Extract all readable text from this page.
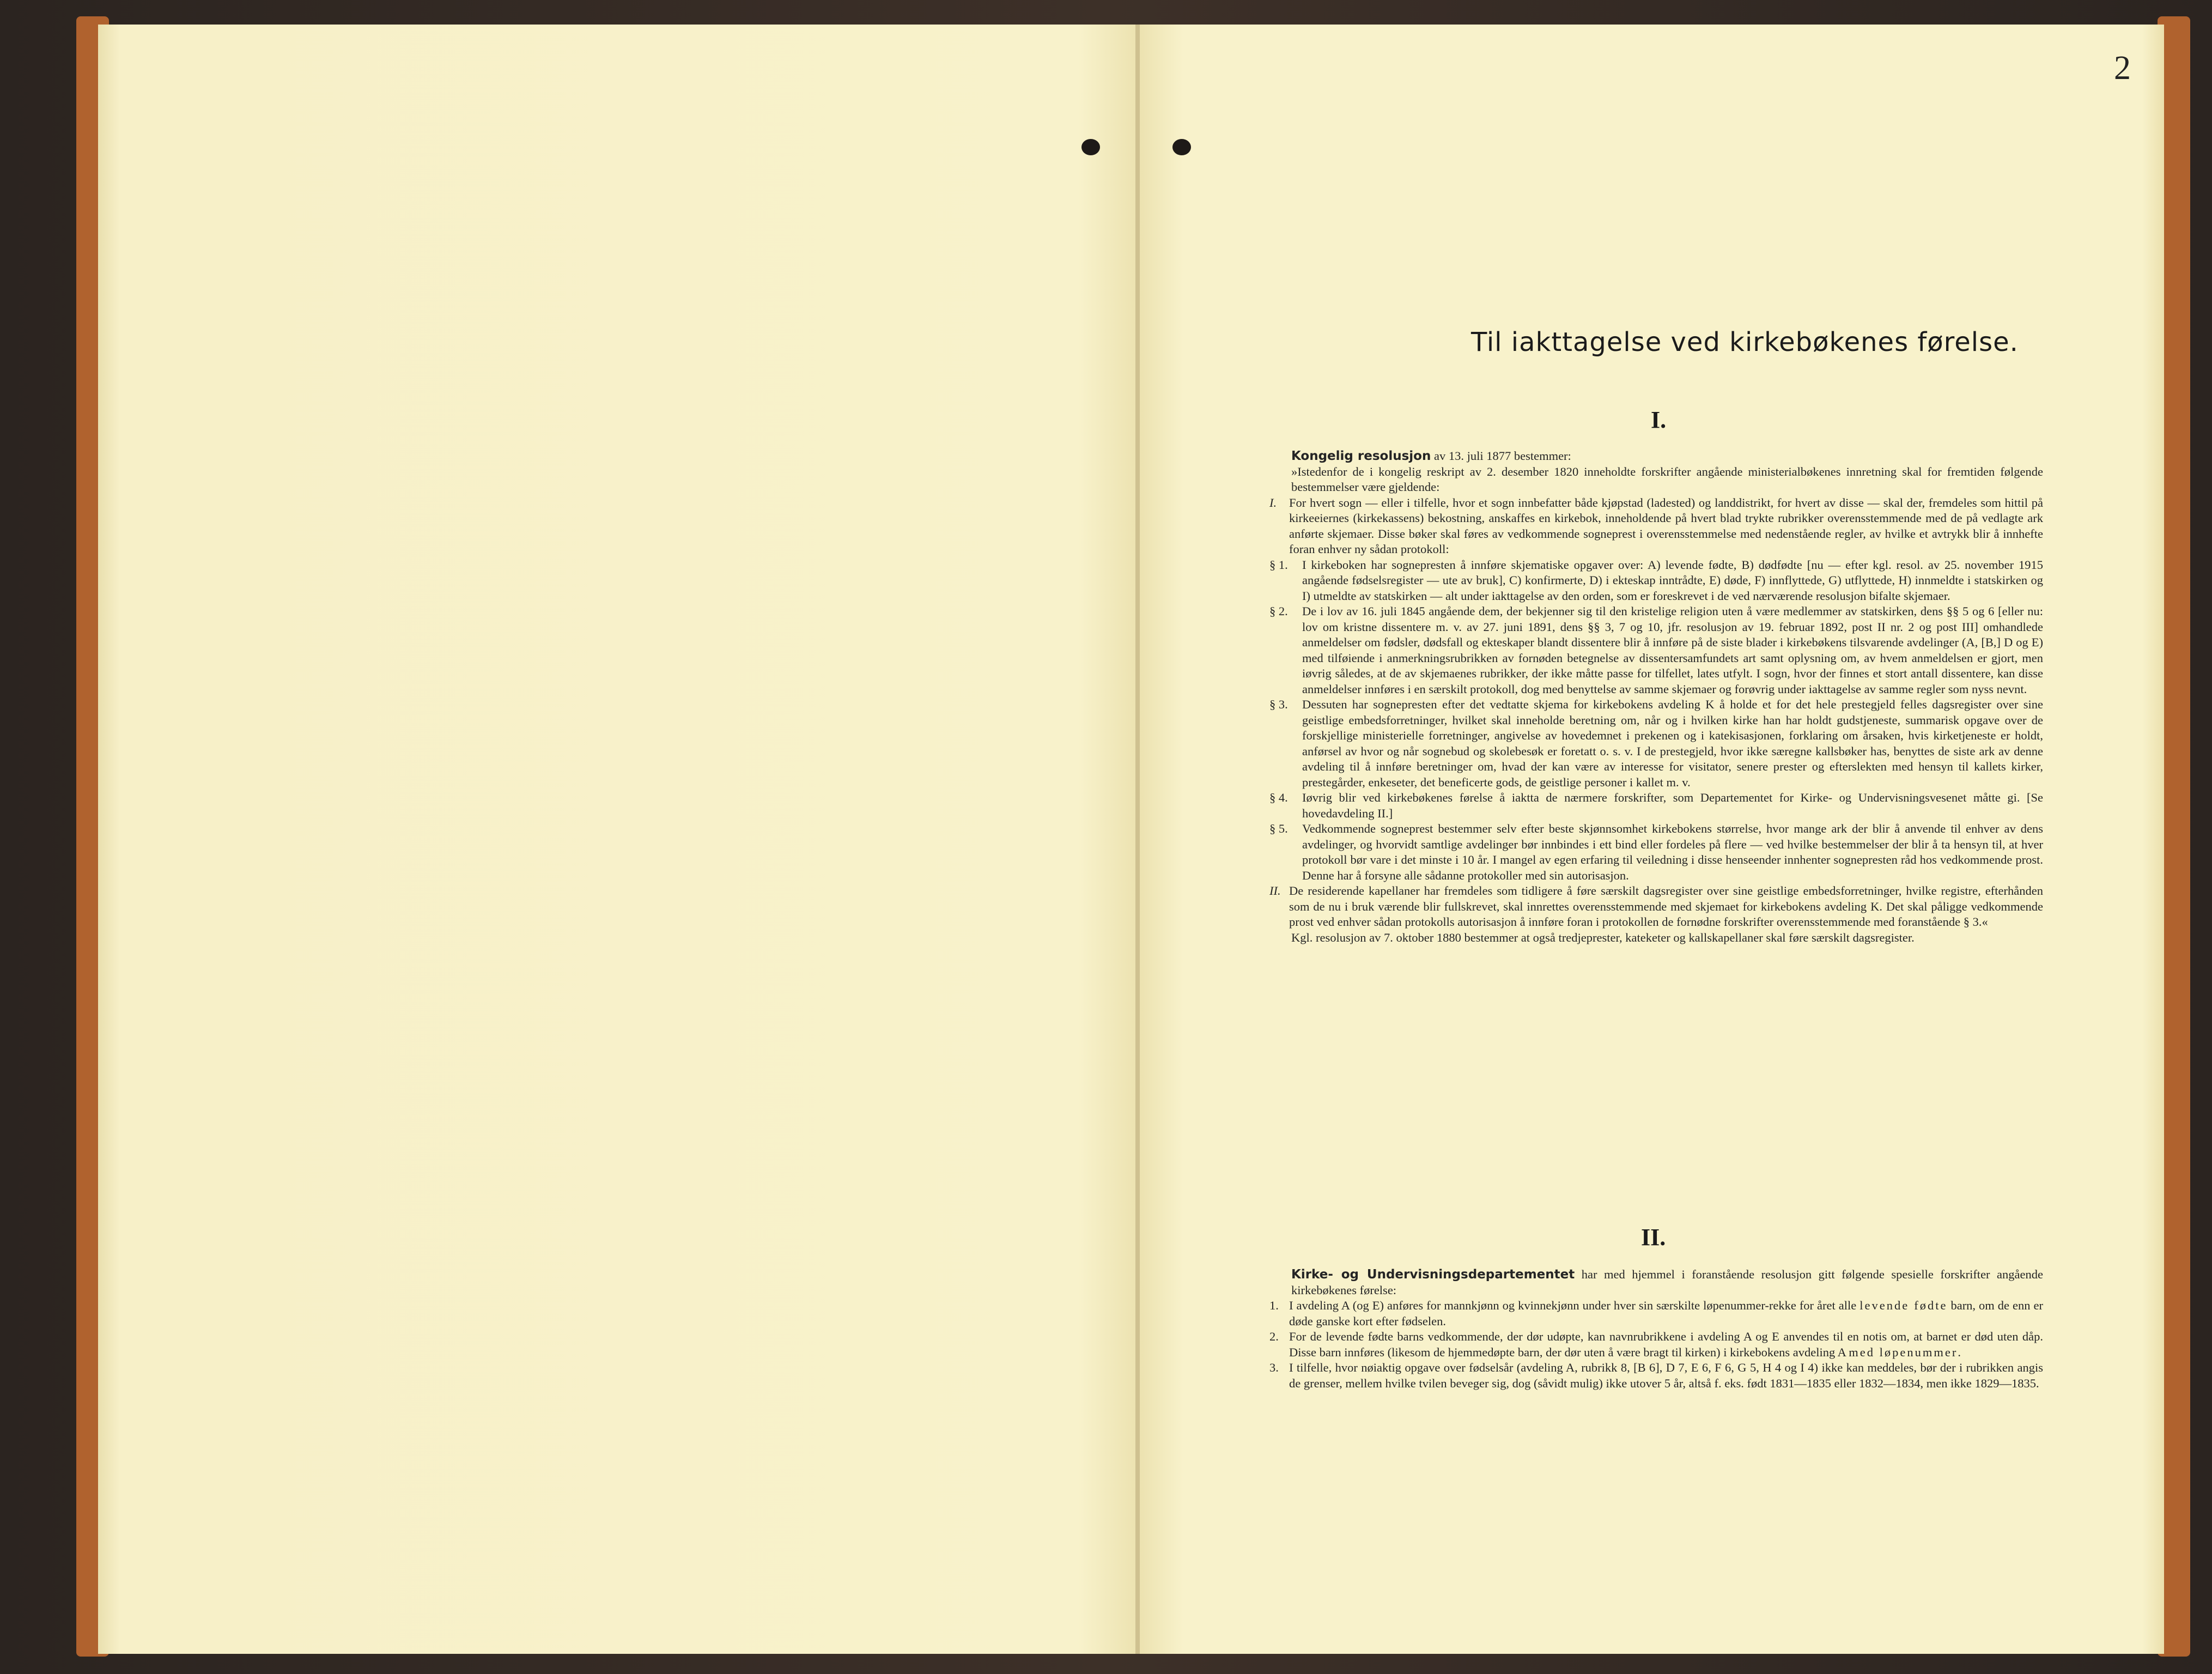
2
Til iakttagelse ved kirkebøkenes førelse.
I.

Kongelig resolusjon av 13. juli 1877 bestemmer:

»Istedenfor de i kongelig reskript av 2. desember 1820 inneholdte forskrifter angående ministerialbøkenes innretning skal for fremtiden følgende bestemmelser være gjeldende:

I. For hvert sogn — eller i tilfelle, hvor et sogn innbefatter både kjøpstad (ladested) og landdistrikt, for hvert av disse — skal der, fremdeles som hittil på kirkeeiernes (kirkekassens) bekostning, anskaffes en kirkebok, inneholdende på hvert blad trykte rubrikker overensstemmende med de på vedlagte ark anførte skjemaer. Disse bøker skal føres av vedkommende sogneprest i overensstemmelse med nedenstående regler, av hvilke et avtrykk blir å innhefte foran enhver ny sådan protokoll:

§ 1. I kirkeboken har sognepresten å innføre skjematiske opgaver over: A) levende fødte, B) dødfødte [nu — efter kgl. resol. av 25. november 1915 angående fødselsregister — ute av bruk], C) konfirmerte, D) i ekteskap inntrådte, E) døde, F) innflyttede, G) utflyttede, H) innmeldte i statskirken og I) utmeldte av statskirken — alt under iakttagelse av den orden, som er foreskrevet i de ved nærværende resolusjon bifalte skjemaer.

§ 2. De i lov av 16. juli 1845 angående dem, der bekjenner sig til den kristelige religion uten å være medlemmer av statskirken, dens §§ 5 og 6 [eller nu: lov om kristne dissentere m. v. av 27. juni 1891, dens §§ 3, 7 og 10, jfr. resolusjon av 19. februar 1892, post II nr. 2 og post III] omhandlede anmeldelser om fødsler, dødsfall og ekteskaper blandt dissentere blir å innføre på de siste blader i kirkebøkens tilsvarende avdelinger (A, [B,] D og E) med tilføiende i anmerkningsrubrikken av fornøden betegnelse av dissentersamfundets art samt oplysning om, av hvem anmeldelsen er gjort, men iøvrig således, at de av skjemaenes rubrikker, der ikke måtte passe for tilfellet, lates utfylt. I sogn, hvor der finnes et stort antall dissentere, kan disse anmeldelser innføres i en særskilt protokoll, dog med benyttelse av samme skjemaer og forøvrig under iakttagelse av samme regler som nyss nevnt.

§ 3. Dessuten har sognepresten efter det vedtatte skjema for kirkebokens avdeling K å holde et for det hele prestegjeld felles dagsregister over sine geistlige embedsforretninger, hvilket skal inneholde beretning om, når og i hvilken kirke han har holdt gudstjeneste, summarisk opgave over de forskjellige ministerielle forretninger, angivelse av hovedemnet i prekenen og i katekisasjonen, forklaring om årsaken, hvis kirketjeneste er holdt, anførsel av hvor og når sognebud og skolebesøk er foretatt o. s. v. I de prestegjeld, hvor ikke særegne kallsbøker has, benyttes de siste ark av denne avdeling til å innføre beretninger om, hvad der kan være av interesse for visitator, senere prester og efterslekten med hensyn til kallets kirker, prestegårder, enkeseter, det beneficerte gods, de geistlige personer i kallet m. v.

§ 4. Iøvrig blir ved kirkebøkenes førelse å iaktta de nærmere forskrifter, som Departementet for Kirke- og Undervisningsvesenet måtte gi. [Se hovedavdeling II.]

§ 5. Vedkommende sogneprest bestemmer selv efter beste skjønnsomhet kirkebokens størrelse, hvor mange ark der blir å anvende til enhver av dens avdelinger, og hvorvidt samtlige avdelinger bør innbindes i ett bind eller fordeles på flere — ved hvilke bestemmelser der blir å ta hensyn til, at hver protokoll bør vare i det minste i 10 år. I mangel av egen erfaring til veiledning i disse henseender innhenter sognepresten råd hos vedkommende prost. Denne har å forsyne alle sådanne protokoller med sin autorisasjon.

II. De residerende kapellaner har fremdeles som tidligere å føre særskilt dagsregister over sine geistlige embedsforretninger, hvilke registre, efterhånden som de nu i bruk værende blir fullskrevet, skal innrettes overensstemmende med skjemaet for kirkebokens avdeling K. Det skal påligge vedkommende prost ved enhver sådan protokolls autorisasjon å innføre foran i protokollen de fornødne forskrifter overensstemmende med foranstående § 3.«

Kgl. resolusjon av 7. oktober 1880 bestemmer at også tredjeprester, kateketer og kallskapellaner skal føre særskilt dagsregister.

II.

Kirke- og Undervisningsdepartementet har med hjemmel i foranstående resolusjon gitt følgende spesielle forskrifter angående kirkebøkenes førelse:

1. I avdeling A (og E) anføres for mannkjønn og kvinnekjønn under hver sin særskilte løpenummer-rekke for året alle levende fødte barn, om de enn er døde ganske kort efter fødselen.

2. For de levende fødte barns vedkommende, der dør udøpte, kan navnrubrikkene i avdeling A og E anvendes til en notis om, at barnet er død uten dåp. Disse barn innføres (likesom de hjemmedøpte barn, der dør uten å være bragt til kirken) i kirkebokens avdeling A med løpenummer.

3. I tilfelle, hvor nøiaktig opgave over fødselsår (avdeling A, rubrikk 8, [B 6], D 7, E 6, F 6, G 5, H 4 og I 4) ikke kan meddeles, bør der i rubrikken angis de grenser, mellem hvilke tvilen beveger sig, dog (såvidt mulig) ikke utover 5 år, altså f. eks. født 1831—1835 eller 1832—1834, men ikke 1829—1835.
